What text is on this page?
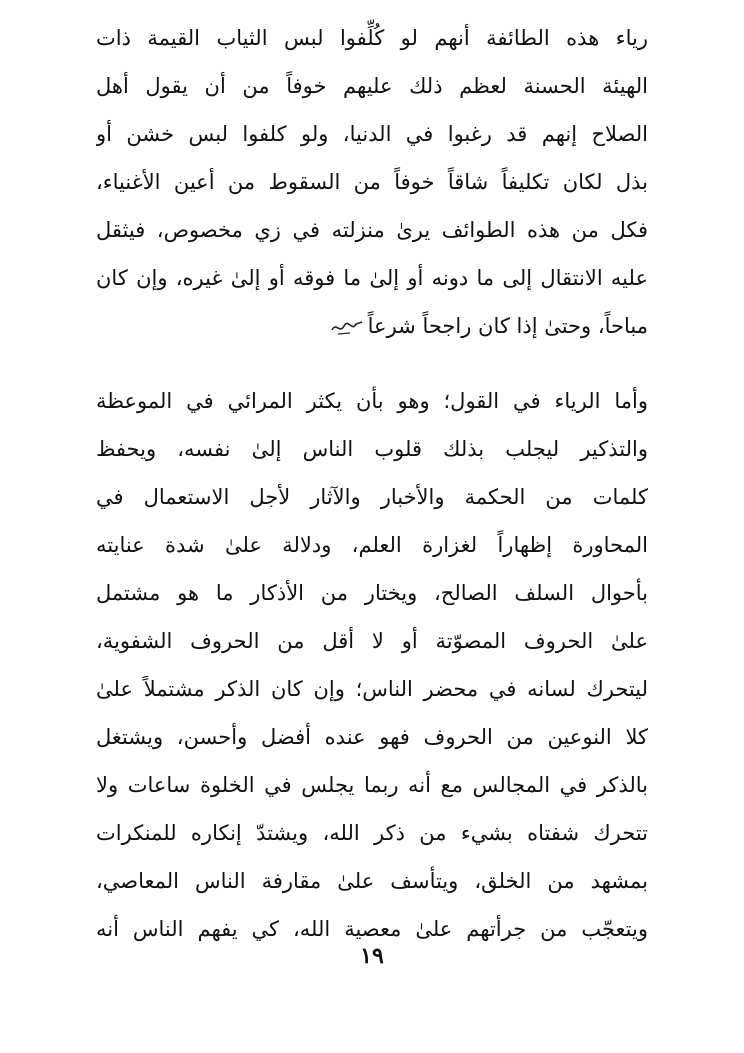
رياء هذه الطائفة أنهم لو كُلِّفوا لبس الثياب القيمة ذات
الهيئة الحسنة لعظم ذلك عليهم خوفاً من أن يقول أهل
الصلاح إنهم قد رغبوا في الدنيا، ولو كلفوا لبس خشن أو
بذل لكان تكليفاً شاقاً خوفاً من السقوط من أعين الأغنياء،
فكل من هذه الطوائف يرىٰ منزلته في زي مخصوص، فيثقل
عليه الانتقال إلى ما دونه أو إلىٰ ما فوقه أو إلىٰ غيره، وإن كان
مباحاً، وحتىٰ إذا كان راجحاً شرعاً
وأما الرياء في القول؛ وهو بأن يكثر المرائي في الموعظة
والتذكير ليجلب بذلك قلوب الناس إلىٰ نفسه، ويحفظ
كلمات من الحكمة والأخبار والآثار لأجل الاستعمال في
المحاورة إظهاراً لغزارة العلم، ودلالة علىٰ شدة عنايته
بأحوال السلف الصالح، ويختار من الأذكار ما هو مشتمل
علىٰ الحروف المصوّتة أو لا أقل من الحروف الشفوية،
ليتحرك لسانه في محضر الناس؛ وإن كان الذكر مشتملاً علىٰ
كلا النوعين من الحروف فهو عنده أفضل وأحسن، ويشتغل
بالذكر في المجالس مع أنه ربما يجلس في الخلوة ساعات ولا
تتحرك شفتاه بشيء من ذكر الله، ويشتدّ إنكاره للمنكرات
بمشهد من الخلق، ويتأسف علىٰ مقارفة الناس المعاصي،
ويتعجّب من جرأتهم علىٰ معصية الله، كي يفهم الناس أنه
١٩
